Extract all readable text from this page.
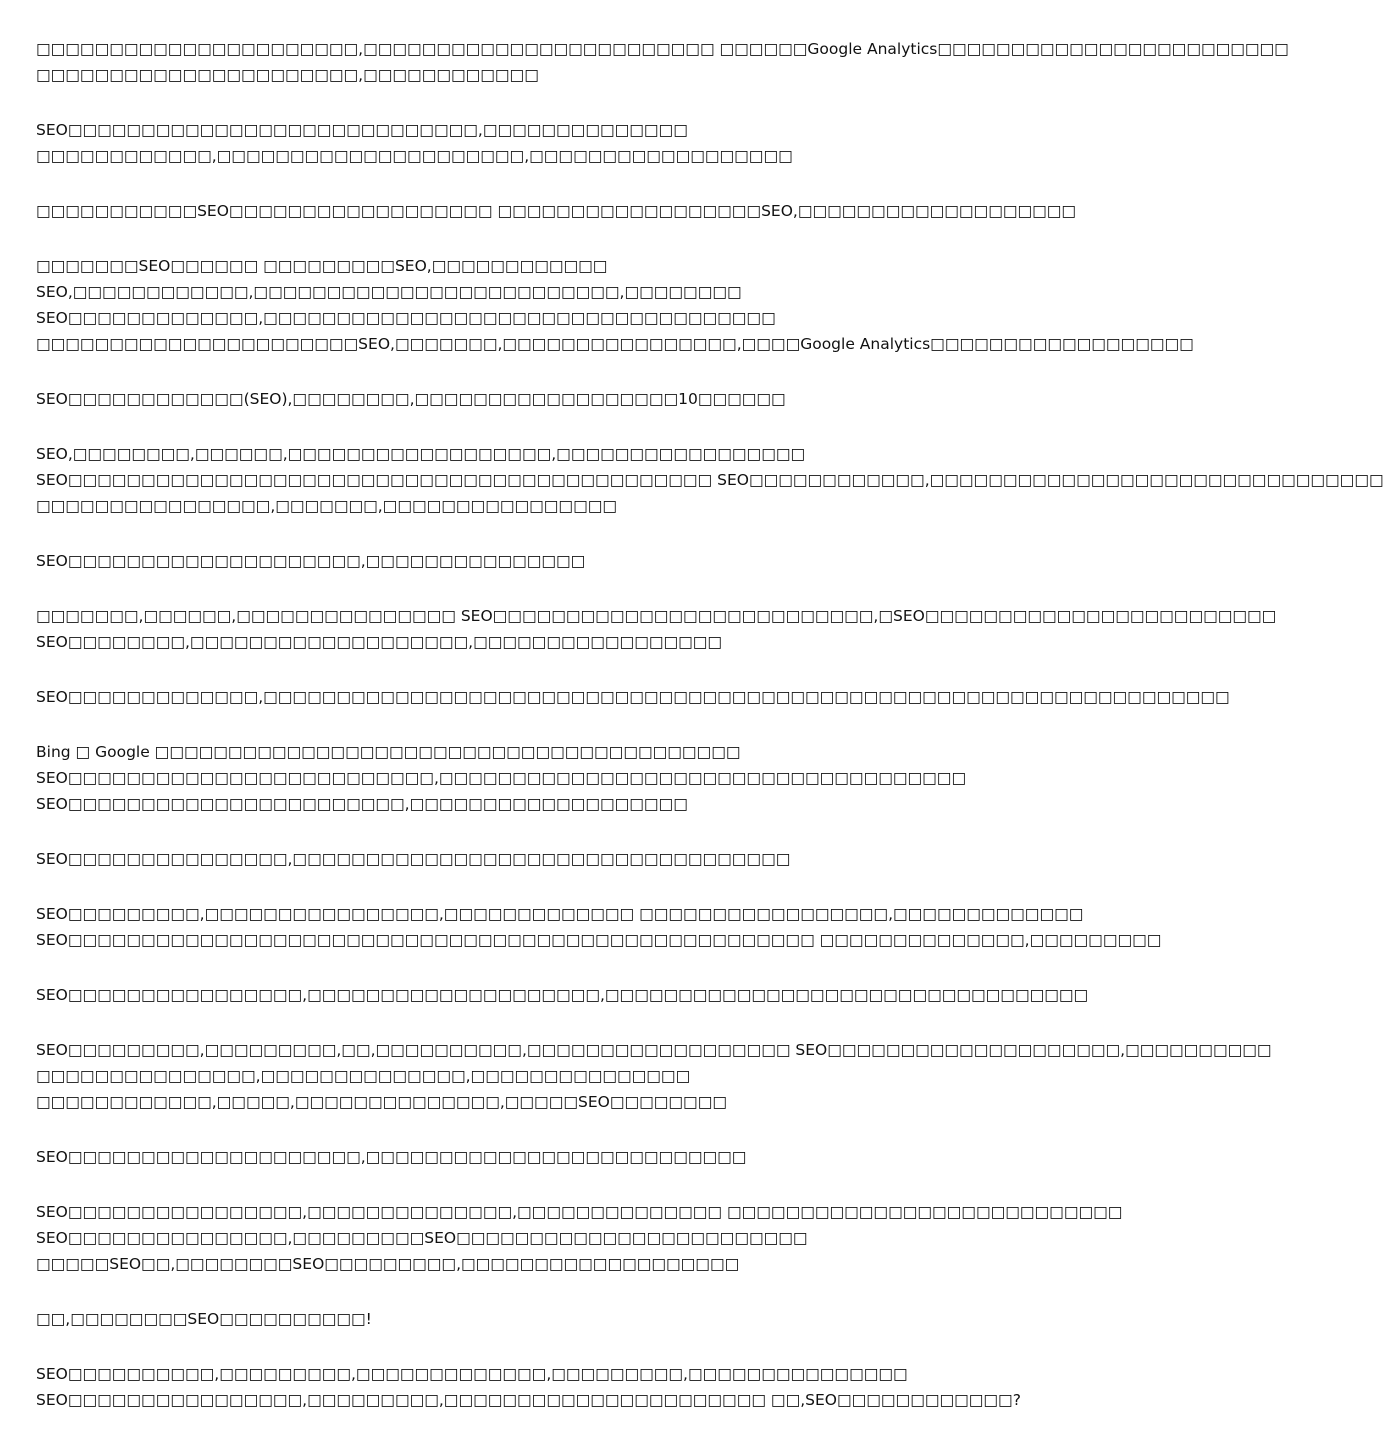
□□□□□□□□□□□□□□□□□□□□□□,□□□□□□□□□□□□□□□□□□□□□□□□ □□□□□□Google Analytics□□□□□□□□□□□□□□□□□□□□□□□□
□□□□□□□□□□□□□□□□□□□□□□,□□□□□□□□□□□□
SEO□□□□□□□□□□□□□□□□□□□□□□□□□□□□,□□□□□□□□□□□□□□
□□□□□□□□□□□□,□□□□□□□□□□□□□□□□□□□□□,□□□□□□□□□□□□□□□□□□
□□□□□□□□□□□SEO□□□□□□□□□□□□□□□□□□ □□□□□□□□□□□□□□□□□□SEO,□□□□□□□□□□□□□□□□□□□
□□□□□□□SEO□□□□□□ □□□□□□□□□SEO,□□□□□□□□□□□□
SEO,□□□□□□□□□□□□,□□□□□□□□□□□□□□□□□□□□□□□□□,□□□□□□□□
SEO□□□□□□□□□□□□□,□□□□□□□□□□□□□□□□□□□□□□□□□□□□□□□□□□□
□□□□□□□□□□□□□□□□□□□□□□SEO,□□□□□□□,□□□□□□□□□□□□□□□□,□□□□Google Analytics□□□□□□□□□□□□□□□□□□
SEO□□□□□□□□□□□□(SEO),□□□□□□□□,□□□□□□□□□□□□□□□□□□10□□□□□□
SEO,□□□□□□□□,□□□□□□,□□□□□□□□□□□□□□□□□□,□□□□□□□□□□□□□□□□□
SEO□□□□□□□□□□□□□□□□□□□□□□□□□□□□□□□□□□□□□□□□□□□□ SEO□□□□□□□□□□□□,□□□□□□□□□□□□□□□□□□□□□□□□□□□□□□□
□□□□□□□□□□□□□□□□,□□□□□□□,□□□□□□□□□□□□□□□□
SEO□□□□□□□□□□□□□□□□□□□□,□□□□□□□□□□□□□□□
□□□□□□□,□□□□□□,□□□□□□□□□□□□□□□ SEO□□□□□□□□□□□□□□□□□□□□□□□□□□,□SEO□□□□□□□□□□□□□□□□□□□□□□□□
SEO□□□□□□□□,□□□□□□□□□□□□□□□□□□□,□□□□□□□□□□□□□□□□□
SEO□□□□□□□□□□□□□,□□□□□□□□□□□□□□□□□□□□□□□□□□□□□□□□□□□□□□□□□□□□□□□□□□□□□□□□□□□□□□□□□□
Bing □ Google □□□□□□□□□□□□□□□□□□□□□□□□□□□□□□□□□□□□□□□□
SEO□□□□□□□□□□□□□□□□□□□□□□□□□,□□□□□□□□□□□□□□□□□□□□□□□□□□□□□□□□□□□□
SEO□□□□□□□□□□□□□□□□□□□□□□□,□□□□□□□□□□□□□□□□□□□
SEO□□□□□□□□□□□□□□□,□□□□□□□□□□□□□□□□□□□□□□□□□□□□□□□□□□
SEO□□□□□□□□□,□□□□□□□□□□□□□□□□,□□□□□□□□□□□□□ □□□□□□□□□□□□□□□□□,□□□□□□□□□□□□□
SEO□□□□□□□□□□□□□□□□□□□□□□□□□□□□□□□□□□□□□□□□□□□□□□□□□□□ □□□□□□□□□□□□□□,□□□□□□□□□
SEO□□□□□□□□□□□□□□□□,□□□□□□□□□□□□□□□□□□□□,□□□□□□□□□□□□□□□□□□□□□□□□□□□□□□□□□
SEO□□□□□□□□□,□□□□□□□□□,□□,□□□□□□□□□□,□□□□□□□□□□□□□□□□□□ SEO□□□□□□□□□□□□□□□□□□□□,□□□□□□□□□□
□□□□□□□□□□□□□□□,□□□□□□□□□□□□□□,□□□□□□□□□□□□□□□
□□□□□□□□□□□□,□□□□□,□□□□□□□□□□□□□□,□□□□□SEO□□□□□□□□
SEO□□□□□□□□□□□□□□□□□□□□,□□□□□□□□□□□□□□□□□□□□□□□□□□
SEO□□□□□□□□□□□□□□□□,□□□□□□□□□□□□□□,□□□□□□□□□□□□□□ □□□□□□□□□□□□□□□□□□□□□□□□□□□
SEO□□□□□□□□□□□□□□□,□□□□□□□□□SEO□□□□□□□□□□□□□□□□□□□□□□□□
□□□□□SEO□□,□□□□□□□□SEO□□□□□□□□□,□□□□□□□□□□□□□□□□□□□
□□,□□□□□□□□SEO□□□□□□□□□□!
SEO□□□□□□□□□□,□□□□□□□□□,□□□□□□□□□□□□□,□□□□□□□□□,□□□□□□□□□□□□□□□
SEO□□□□□□□□□□□□□□□□,□□□□□□□□□,□□□□□□□□□□□□□□□□□□□□□□ □□,SEO□□□□□□□□□□□□?
